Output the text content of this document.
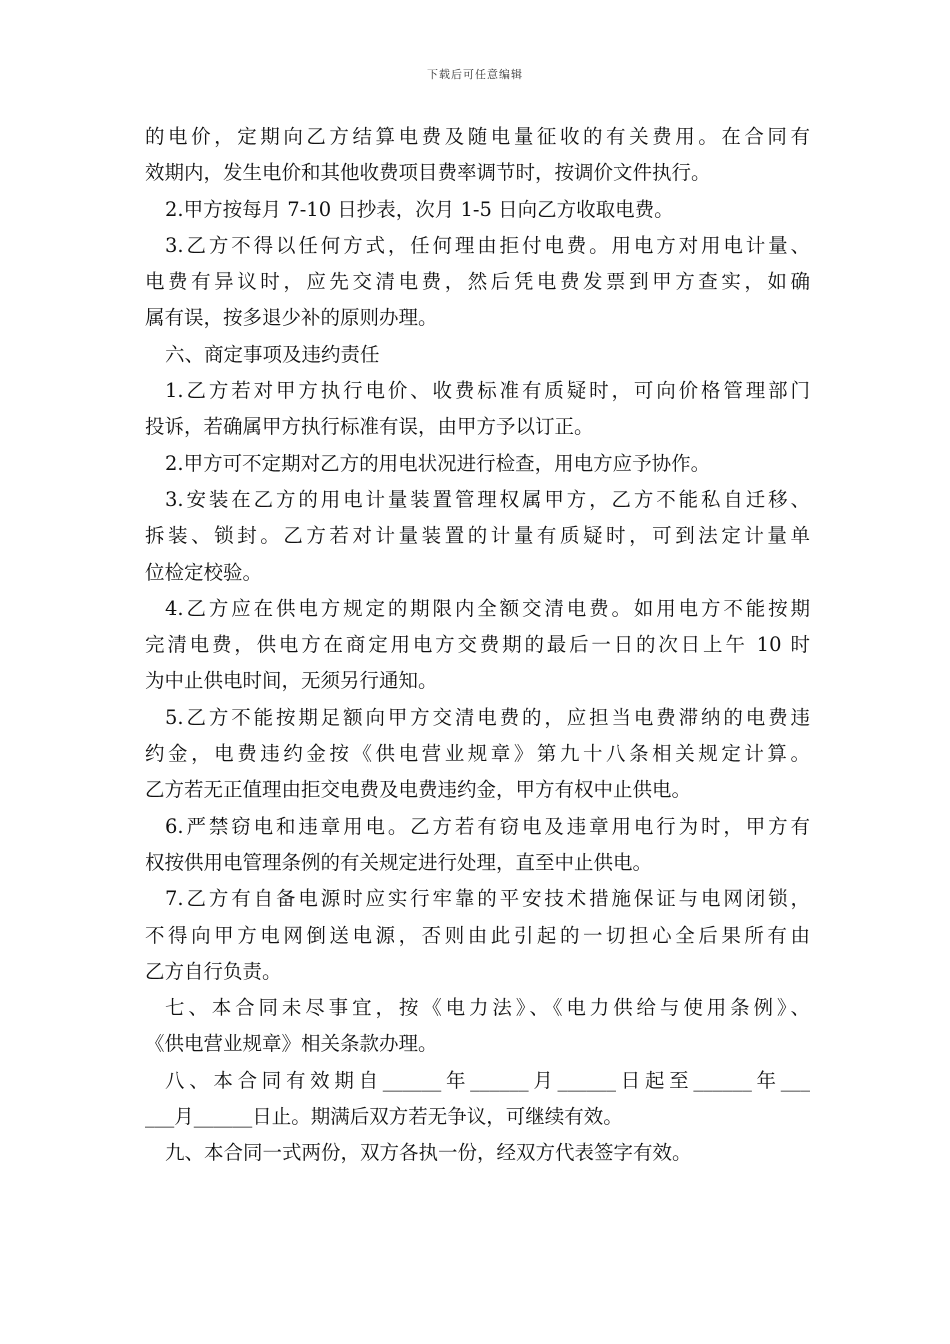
下载后可任意编辑
的电价，定期向乙方结算电费及随电量征收的有关费用。在合同有
效期内，发生电价和其他收费项目费率调节时，按调价文件执行。
2.甲方按每月 7-10 日抄表，次月 1-5 日向乙方收取电费。
3.乙方不得以任何方式，任何理由拒付电费。用电方对用电计量、
电费有异议时，应先交清电费，然后凭电费发票到甲方查实，如确
属有误，按多退少补的原则办理。
六、商定事项及违约责任
1.乙方若对甲方执行电价、收费标准有质疑时，可向价格管理部门
投诉，若确属甲方执行标准有误，由甲方予以订正。
2.甲方可不定期对乙方的用电状况进行检查，用电方应予协作。
3.安装在乙方的用电计量装置管理权属甲方，乙方不能私自迁移、
拆装、锁封。乙方若对计量装置的计量有质疑时，可到法定计量单
位检定校验。
4.乙方应在供电方规定的期限内全额交清电费。如用电方不能按期
完清电费，供电方在商定用电方交费期的最后一日的次日上午 10 时
为中止供电时间，无须另行通知。
5.乙方不能按期足额向甲方交清电费的，应担当电费滞纳的电费违
约金，电费违约金按《供电营业规章》第九十八条相关规定计算。
乙方若无正值理由拒交电费及电费违约金，甲方有权中止供电。
6.严禁窃电和违章用电。乙方若有窃电及违章用电行为时，甲方有
权按供用电管理条例的有关规定进行处理，直至中止供电。
7.乙方有自备电源时应实行牢靠的平安技术措施保证与电网闭锁，
不得向甲方电网倒送电源，否则由此引起的一切担心全后果所有由
乙方自行负责。
七、本合同未尽事宜，按《电力法》、《电力供给与使用条例》、
《供电营业规章》相关条款办理。
八、本合同有效期自______年______月______日起至______年___
___月______日止。期满后双方若无争议，可继续有效。
九、本合同一式两份，双方各执一份，经双方代表签字有效。
